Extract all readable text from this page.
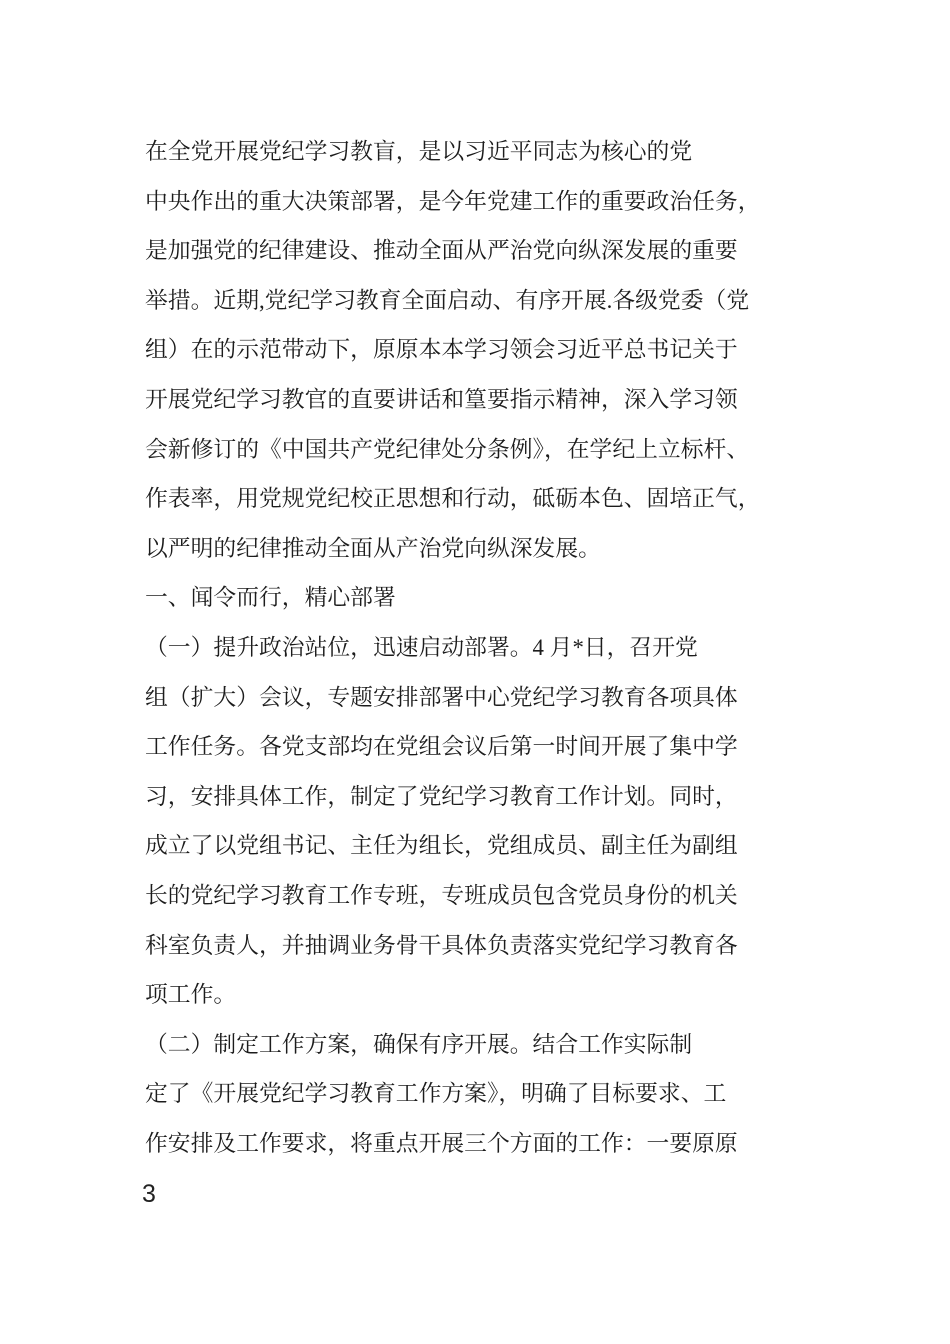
在全党开展党纪学习教盲，是以习近平同志为核心的党
中央作出的重大决策部署，是今年党建工作的重要政治任务，
是加强党的纪律建设、推动全面从严治党向纵深发展的重要
举措。近期,党纪学习教育全面启动、有序开展.各级党委（党
组）在的示范带动下，原原本本学习领会习近平总书记关于
开展党纪学习教官的直要讲话和篁要指示精神，深入学习领
会新修订的《中国共产党纪律处分条例》，在学纪上立标杆、
作表率，用党规党纪校正思想和行动，砥砺本色、固培正气，
以严明的纪律推动全面从产治党向纵深发展。
一、闻令而行，精心部署
（一）提升政治站位，迅速启动部署。4 月*日，召开党
组（扩大）会议，专题安排部署中心党纪学习教育各项具体
工作任务。各党支部均在党组会议后第一时间开展了集中学
习，安排具体工作，制定了党纪学习教育工作计划。同时，
成立了以党组书记、主任为组长，党组成员、副主任为副组
长的党纪学习教育工作专班，专班成员包含党员身份的机关
科室负责人，并抽调业务骨干具体负责落实党纪学习教育各
项工作。
（二）制定工作方案，确保有序开展。结合工作实际制
定了《开展党纪学习教育工作方案》，明确了目标要求、工
作安排及工作要求，将重点开展三个方面的工作：一要原原
3
